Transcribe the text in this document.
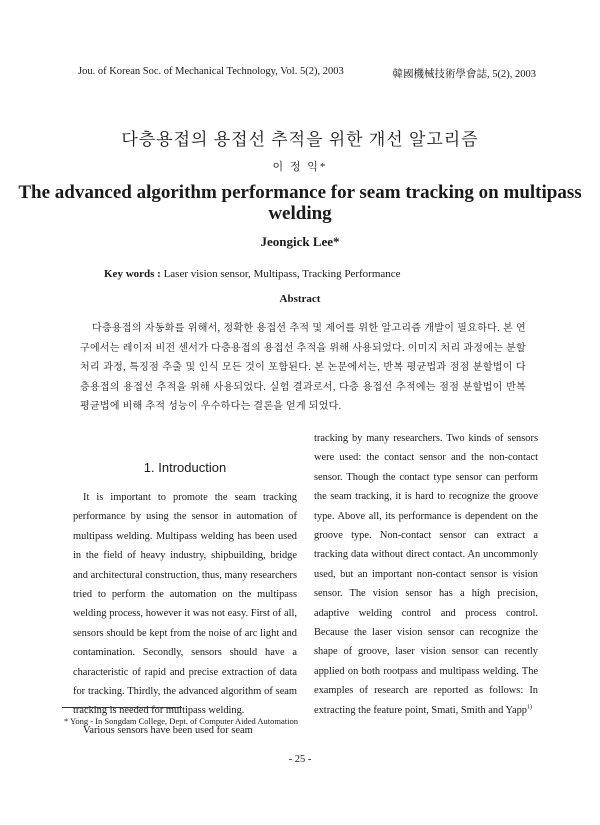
Jou. of Korean Soc. of Mechanical Technology, Vol. 5(2), 2003	韓國機械技術學會誌, 5(2), 2003
다층용접의 용접선 추적을 위한 개선 알고리즘
이 정 익*
The advanced algorithm performance for seam tracking on multipass welding
Jeongick Lee*
Key words : Laser vision sensor, Multipass, Tracking Performance
Abstract

다층용접의 자동화를 위해서, 정확한 용접선 추적 및 제어를 위한 알고리즘 개발이 필요하다. 본 연구에서는 레이저 비전 센서가 다층용접의 용접선 추적을 위해 사용되었다. 이미지 처리 과정에는 분할처리 과정, 특징점 추출 및 인식 모든 것이 포함된다. 본 논문에서는, 반복 평균법과 점점 분할법이 다층용접의 용접선 추적을 위해 사용되었다. 실험 결과로서, 다층 용접선 추적에는 점점 분할법이 반복 평균법에 비해 추적 성능이 우수하다는 결론을 얻게 되었다.

1. Introduction

It is important to promote the seam tracking performance by using the sensor in automation of multipass welding. Multipass welding has been used in the field of heavy industry, shipbuilding, bridge and architectural construction, thus, many researchers tried to perform the automation on the multipass welding process, however it was not easy. First of all, sensors should be kept from the noise of arc light and contamination. Secondly, sensors should have a characteristic of rapid and precise extraction of data for tracking. Thirdly, the advanced algorithm of seam tracking is needed for multipass welding.

Various sensors have been used for seam

tracking by many researchers. Two kinds of sensors were used: the contact sensor and the non-contact sensor. Though the contact type sensor can perform the seam tracking, it is hard to recognize the groove type. Above all, its performance is dependent on the groove type. Non-contact sensor can extract a tracking data without direct contact. An uncommonly used, but an important non-contact sensor is vision sensor. The vision sensor has a high precision, adaptive welding control and process control. Because the laser vision sensor can recognize the shape of groove, laser vision sensor can recently applied on both rootpass and multipass welding. The examples of research are reported as follows: In extracting the feature point, Smati, Smith and Yapp$^{1)}$

* Yong - In Songdam College, Dept. of Computer Aided Automation
- 25 -
